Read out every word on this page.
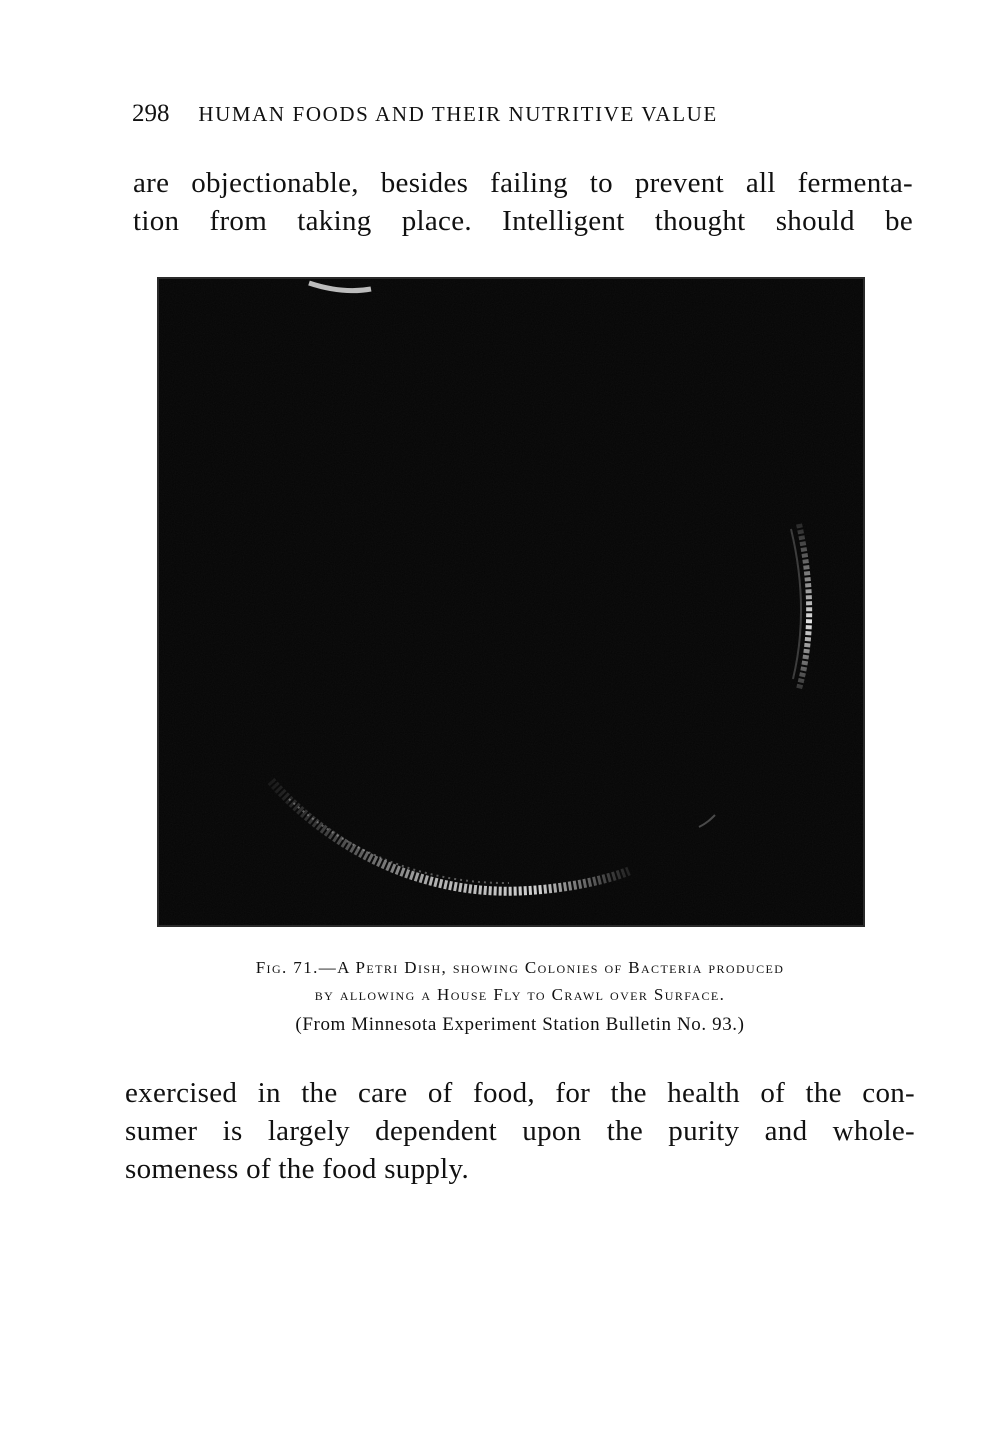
298 HUMAN FOODS AND THEIR NUTRITIVE VALUE

are objectionable, besides failing to prevent all fermenta-
tion from taking place. Intelligent thought should be

Fig. 71.—A Petri Dish, showing Colonies of Bacteria produced
by allowing a House Fly to Crawl over Surface.
(From Minnesota Experiment Station Bulletin No. 93.)

exercised in the care of food, for the health of the con-
sumer is largely dependent upon the purity and whole-
someness of the food supply.
